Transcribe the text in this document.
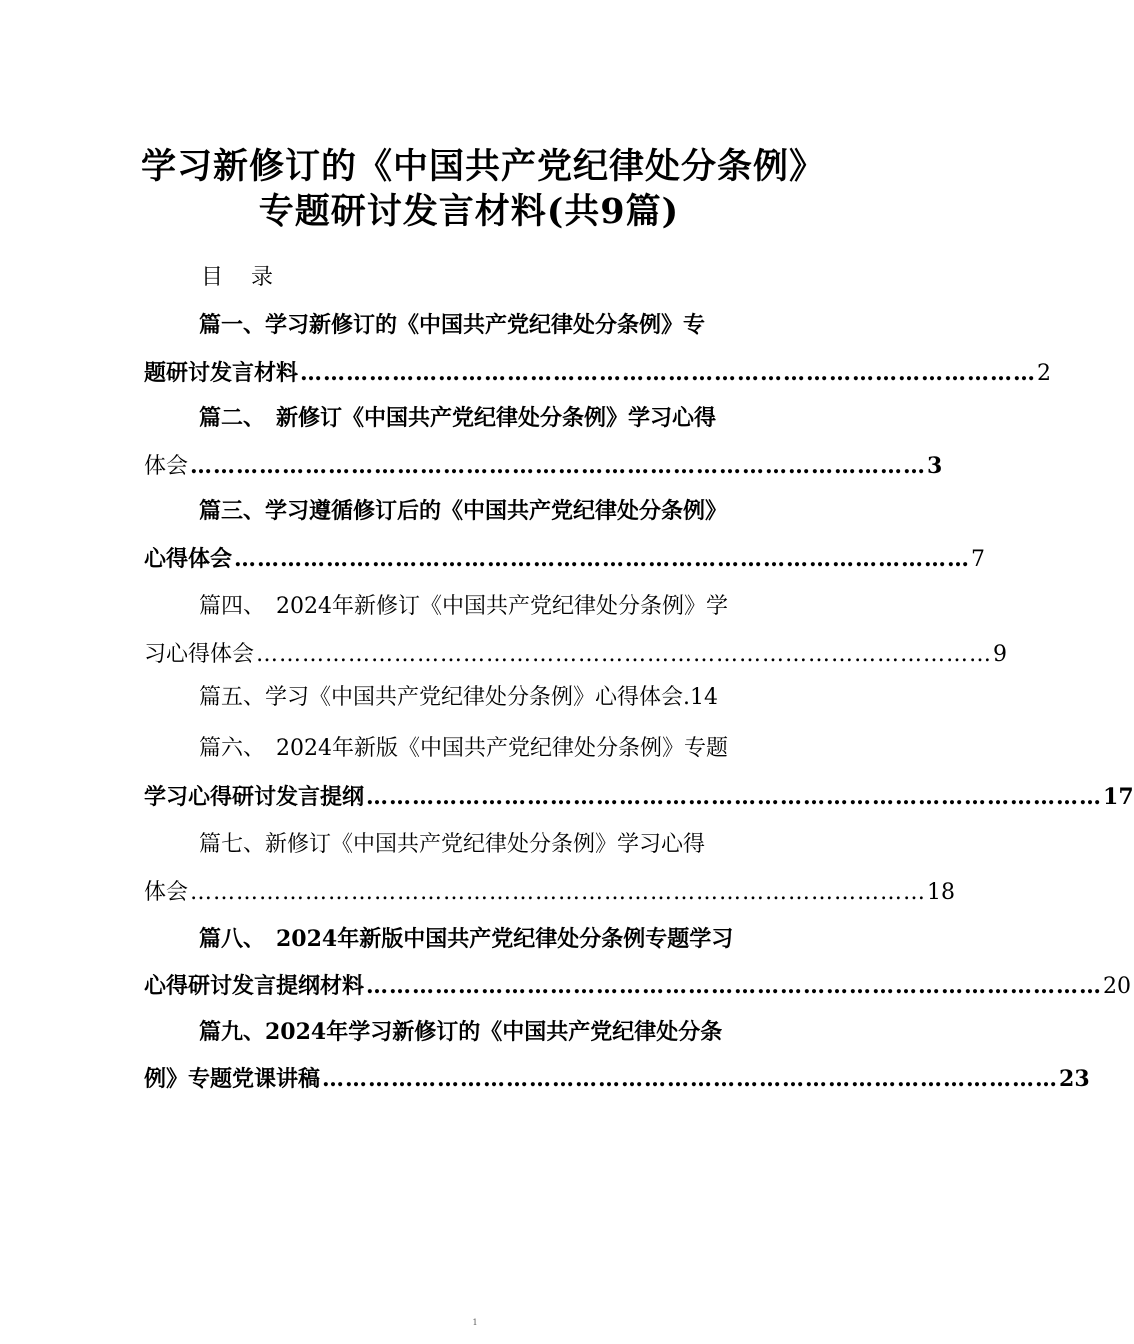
学习新修订的《中国共产党纪律处分条例》
专题研讨发言材料(共9篇)
目录
篇一、学习新修订的《中国共产党纪律处分条例》专
题研讨发言材料 …………………………………………………………………………………… 2
篇二、　新修订《中国共产党纪律处分条例》学习心得
体会 …………………………………………………………………………………… 3
篇三、学习遵循修订后的《中国共产党纪律处分条例》
心得体会 …………………………………………………………………………………… 7
篇四、　2024年新修订《中国共产党纪律处分条例》学
习心得体会 …………………………………………………………………………………… 9
篇五、学习《中国共产党纪律处分条例》心得体会.14
篇六、　2024年新版《中国共产党纪律处分条例》专题
学习心得研讨发言提纲 …………………………………………………………………………………… 17
篇七、新修订《中国共产党纪律处分条例》学习心得
体会 …………………………………………………………………………………… 18
篇八、　2024年新版中国共产党纪律处分条例专题学习
心得研讨发言提纲材料 …………………………………………………………………………………… 20
篇九、2024年学习新修订的《中国共产党纪律处分条
例》专题党课讲稿 …………………………………………………………………………………… 23
1
